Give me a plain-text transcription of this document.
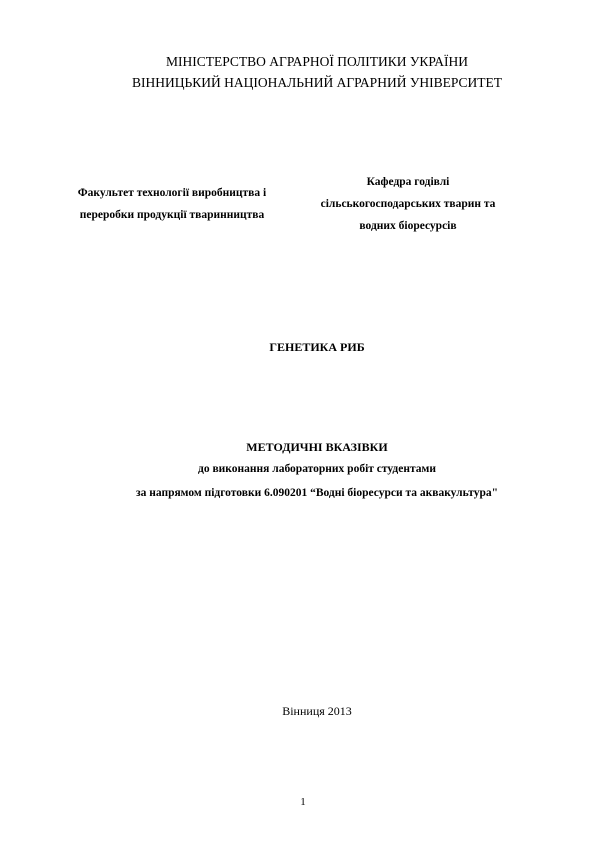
МІНІСТЕРСТВО АГРАРНОЇ ПОЛІТИКИ УКРАЇНИ
ВІННИЦЬКИЙ НАЦІОНАЛЬНИЙ АГРАРНИЙ УНІВЕРСИТЕТ
Факультет технології виробництва і
переробки продукції тваринництва
Кафедра годівлі
сільськогосподарських тварин та
водних біоресурсів
ГЕНЕТИКА РИБ
МЕТОДИЧНІ ВКАЗІВКИ
до виконання лабораторних робіт студентами
за напрямом підготовки 6.090201 “Водні біоресурси та аквакультура"
Вінниця 2013
1
